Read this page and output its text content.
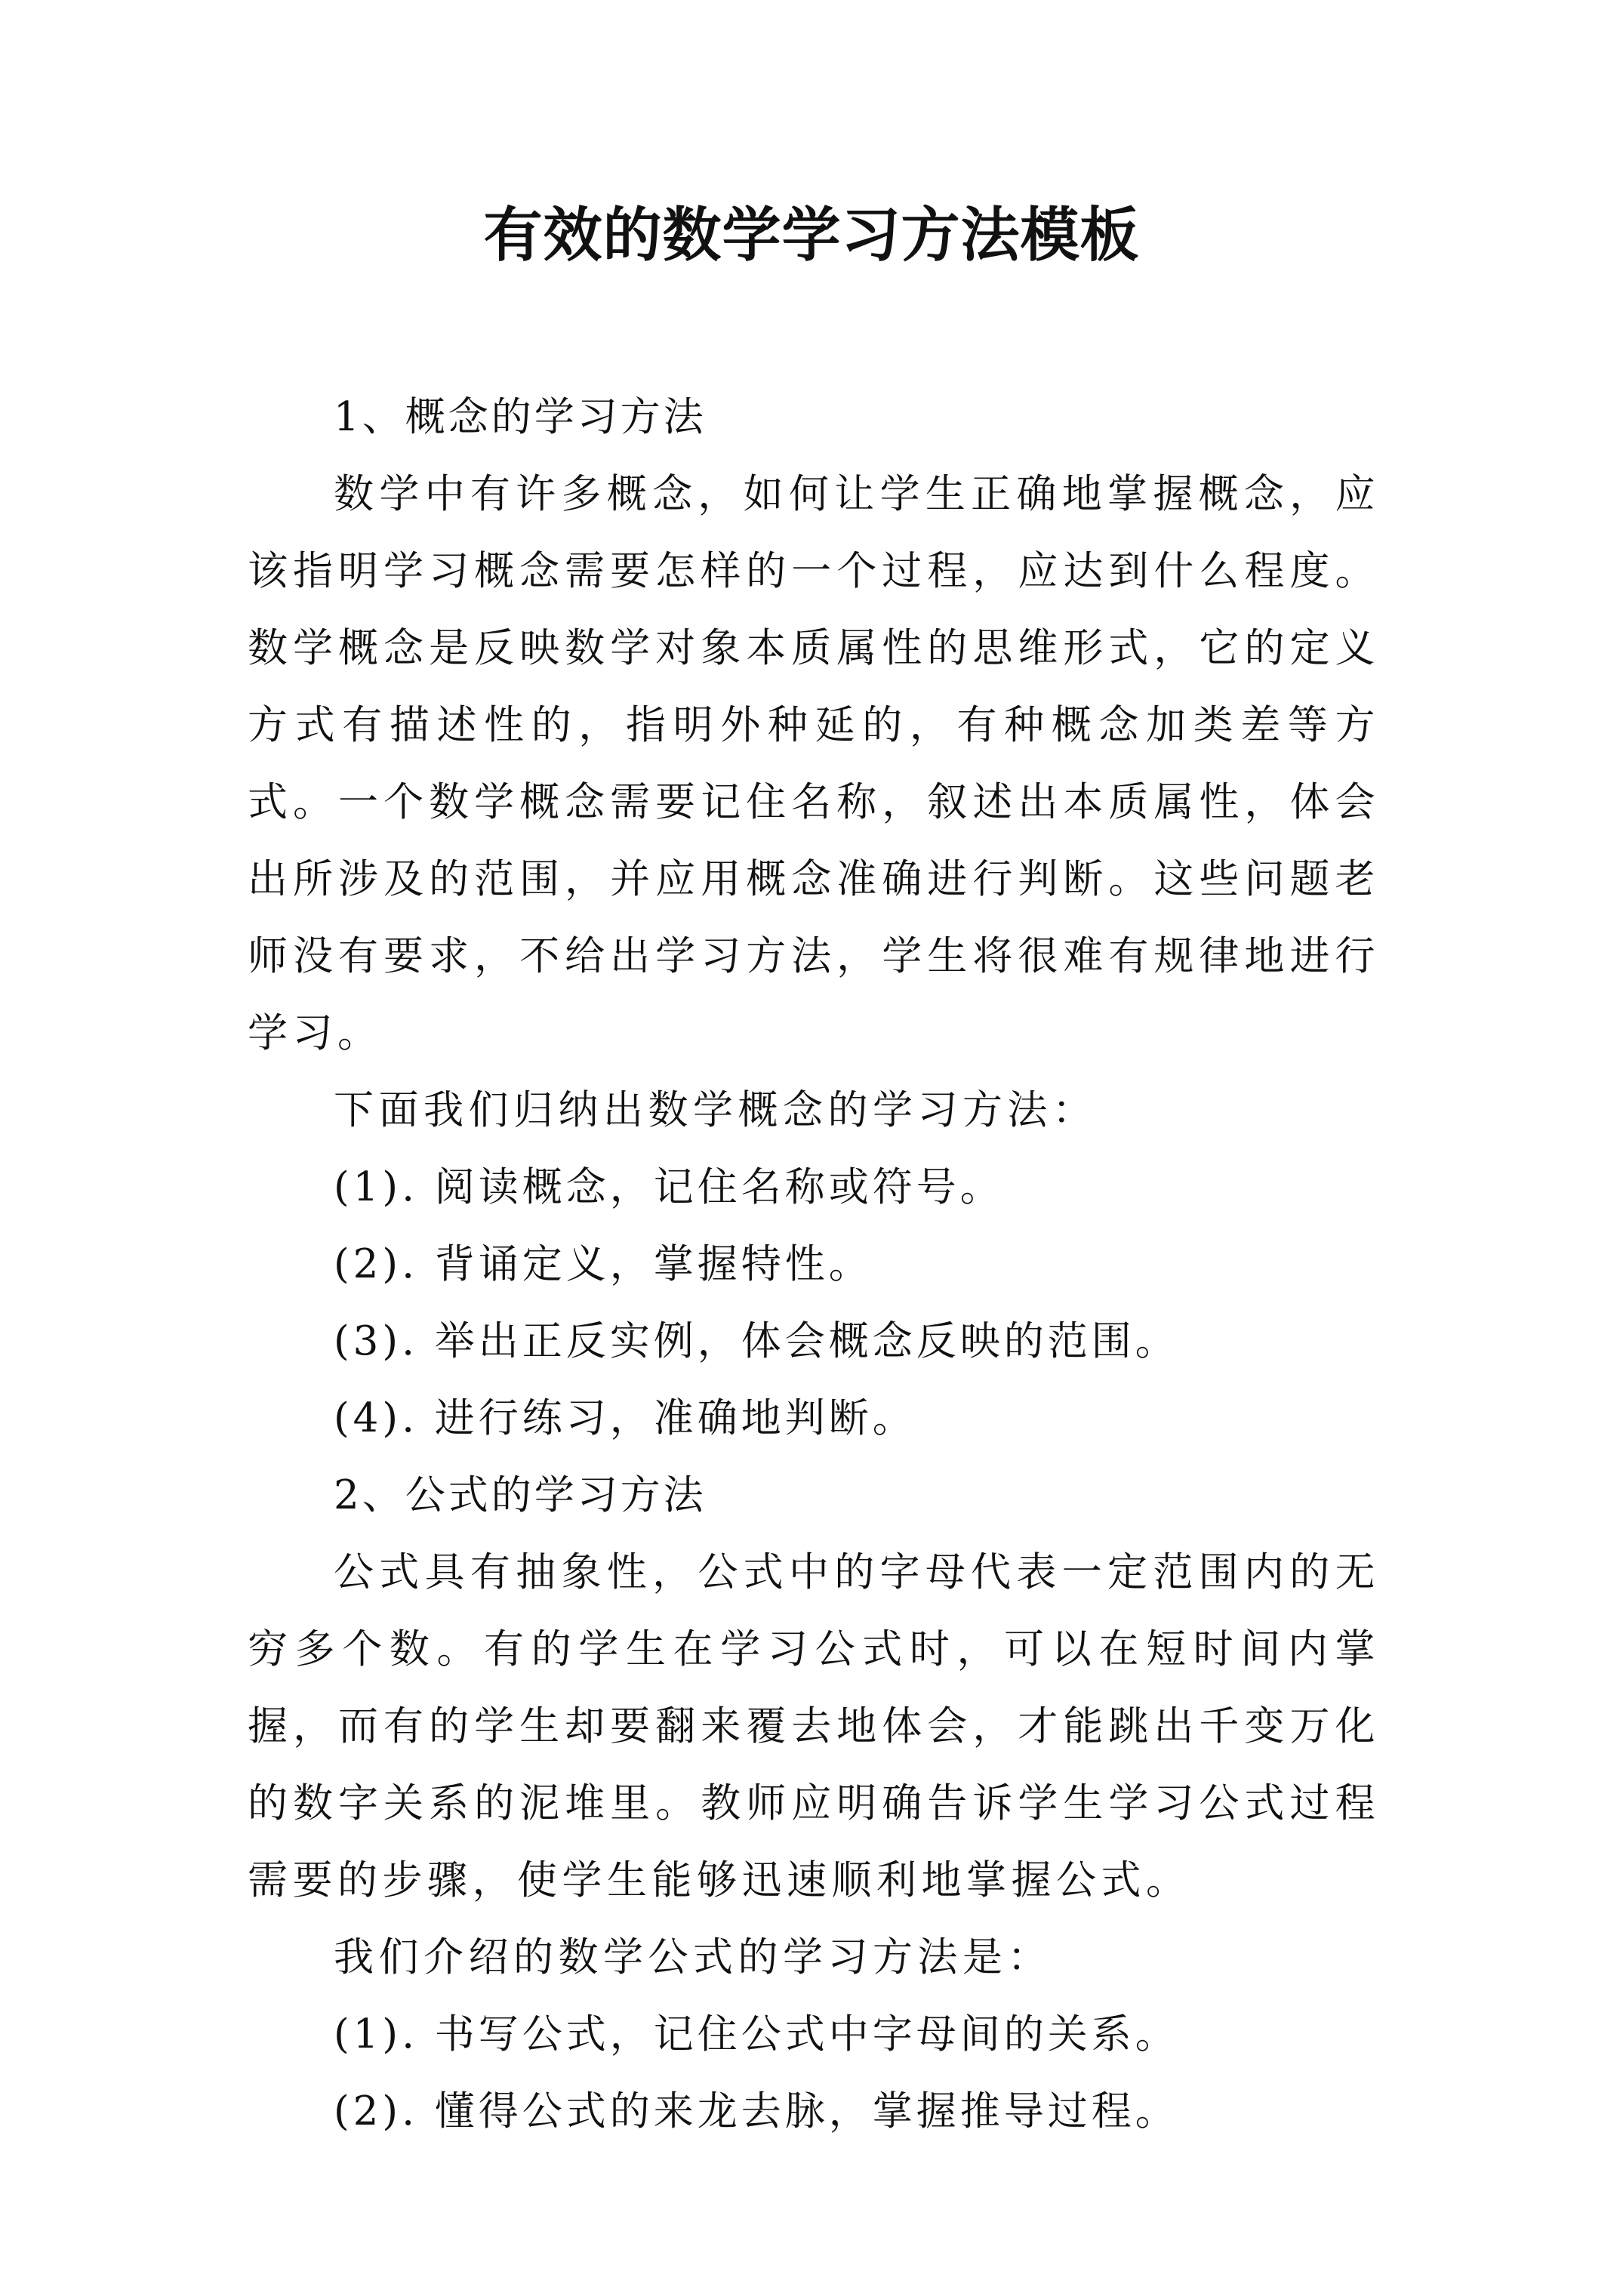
有效的数学学习方法模板

1、概念的学习方法

数学中有许多概念，如何让学生正确地掌握概念，应该指明学习概念需要怎样的一个过程，应达到什么程度。数学概念是反映数学对象本质属性的思维形式，它的定义方式有描述性的，指明外种延的，有种概念加类差等方式。一个数学概念需要记住名称，叙述出本质属性，体会出所涉及的范围，并应用概念准确进行判断。这些问题老师没有要求，不给出学习方法，学生将很难有规律地进行学习。

下面我们归纳出数学概念的学习方法：

(1). 阅读概念，记住名称或符号。

(2). 背诵定义，掌握特性。

(3). 举出正反实例，体会概念反映的范围。

(4). 进行练习，准确地判断。

2、公式的学习方法

公式具有抽象性，公式中的字母代表一定范围内的无穷多个数。有的学生在学习公式时，可以在短时间内掌握，而有的学生却要翻来覆去地体会，才能跳出千变万化的数字关系的泥堆里。教师应明确告诉学生学习公式过程需要的步骤，使学生能够迅速顺利地掌握公式。

我们介绍的数学公式的学习方法是：

(1). 书写公式，记住公式中字母间的关系。

(2). 懂得公式的来龙去脉，掌握推导过程。
